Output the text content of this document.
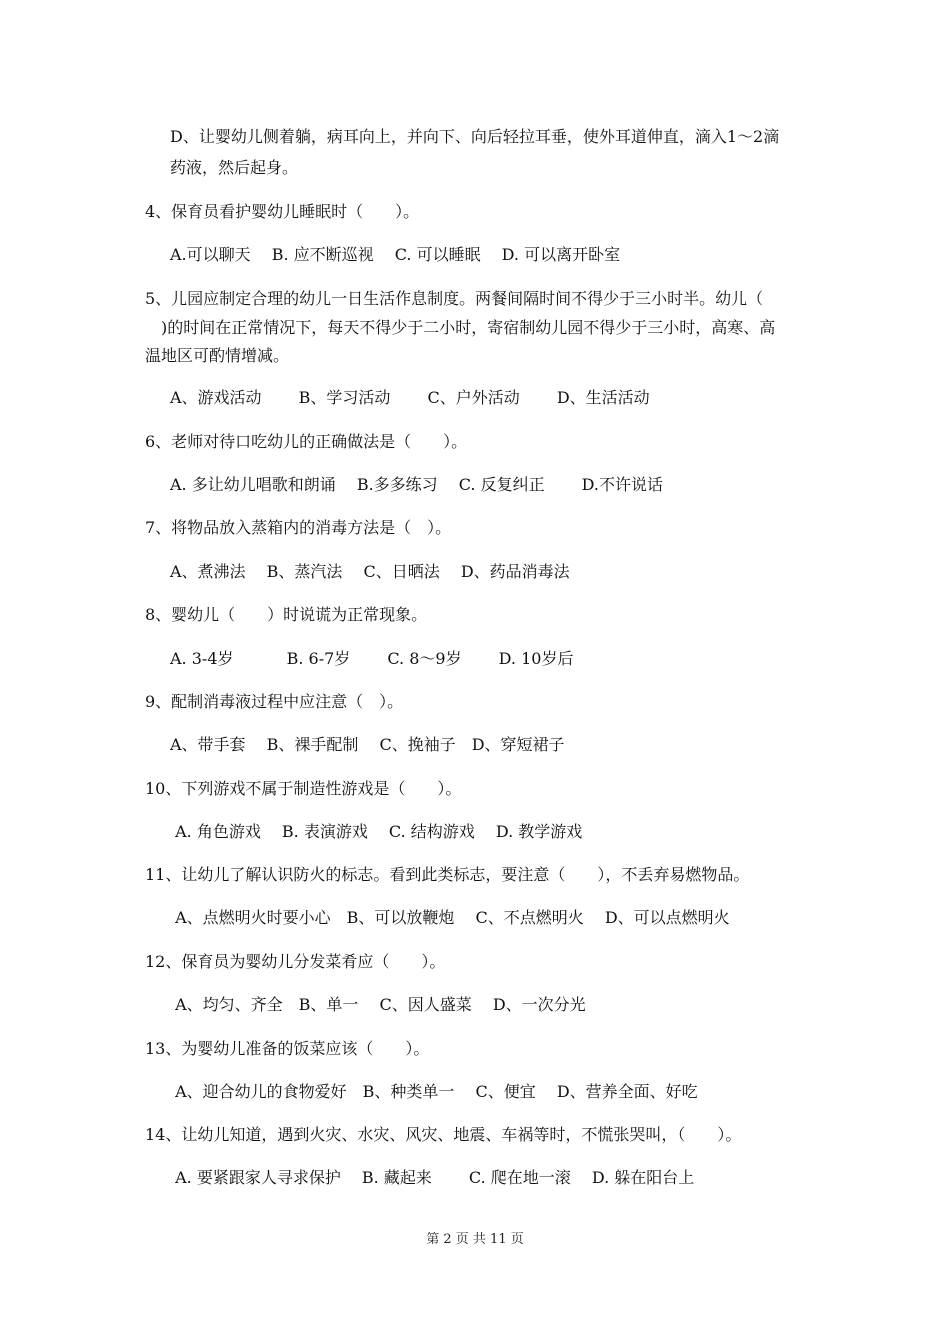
D、让婴幼儿侧着躺，病耳向上，并向下、向后轻拉耳垂，使外耳道伸直，滴入1～2滴
药液，然后起身。
4、保育员看护婴幼儿睡眠时（　　）。
A.可以聊天　 B. 应不断巡视　 C. 可以睡眠　 D. 可以离开卧室
5、儿园应制定合理的幼儿一日生活作息制度。两餐间隔时间不得少于三小时半。幼儿（
　)的时间在正常情况下，每天不得少于二小时，寄宿制幼儿园不得少于三小时，高寒、高
温地区可酌情增减。
A、游戏活动　　 B、学习活动　　 C、户外活动　　 D、生活活动
6、老师对待口吃幼儿的正确做法是（　　）。
A. 多让幼儿唱歌和朗诵　 B.多多练习　 C. 反复纠正　　 D.不许说话
7、将物品放入蒸箱内的消毒方法是（　）。
A、煮沸法　 B、蒸汽法　 C、日晒法　 D、药品消毒法
8、婴幼儿（　　）时说谎为正常现象。
A. 3-4岁　　　 B. 6-7岁　　 C. 8～9岁　　 D. 10岁后
9、配制消毒液过程中应注意（　）。
A、带手套　 B、裸手配制　 C、挽袖子　D、穿短裙子
10、下列游戏不属于制造性游戏是（　　）。
A. 角色游戏　 B. 表演游戏　 C. 结构游戏　 D. 教学游戏
11、让幼儿了解认识防火的标志。看到此类标志，要注意（　　），不丢弃易燃物品。
A、点燃明火时要小心　B、可以放鞭炮　 C、不点燃明火　 D、可以点燃明火
12、保育员为婴幼儿分发菜肴应（　　）。
A、均匀、齐全　B、单一　 C、因人盛菜　 D、一次分光
13、为婴幼儿准备的饭菜应该（　　）。
A、迎合幼儿的食物爱好　B、种类单一　 C、便宜　 D、营养全面、好吃
14、让幼儿知道，遇到火灾、水灾、风灾、地震、车祸等时，不慌张哭叫，（　　）。
A. 要紧跟家人寻求保护　 B. 藏起来　　 C. 爬在地一滚　 D. 躲在阳台上
第 2 页 共 11 页
